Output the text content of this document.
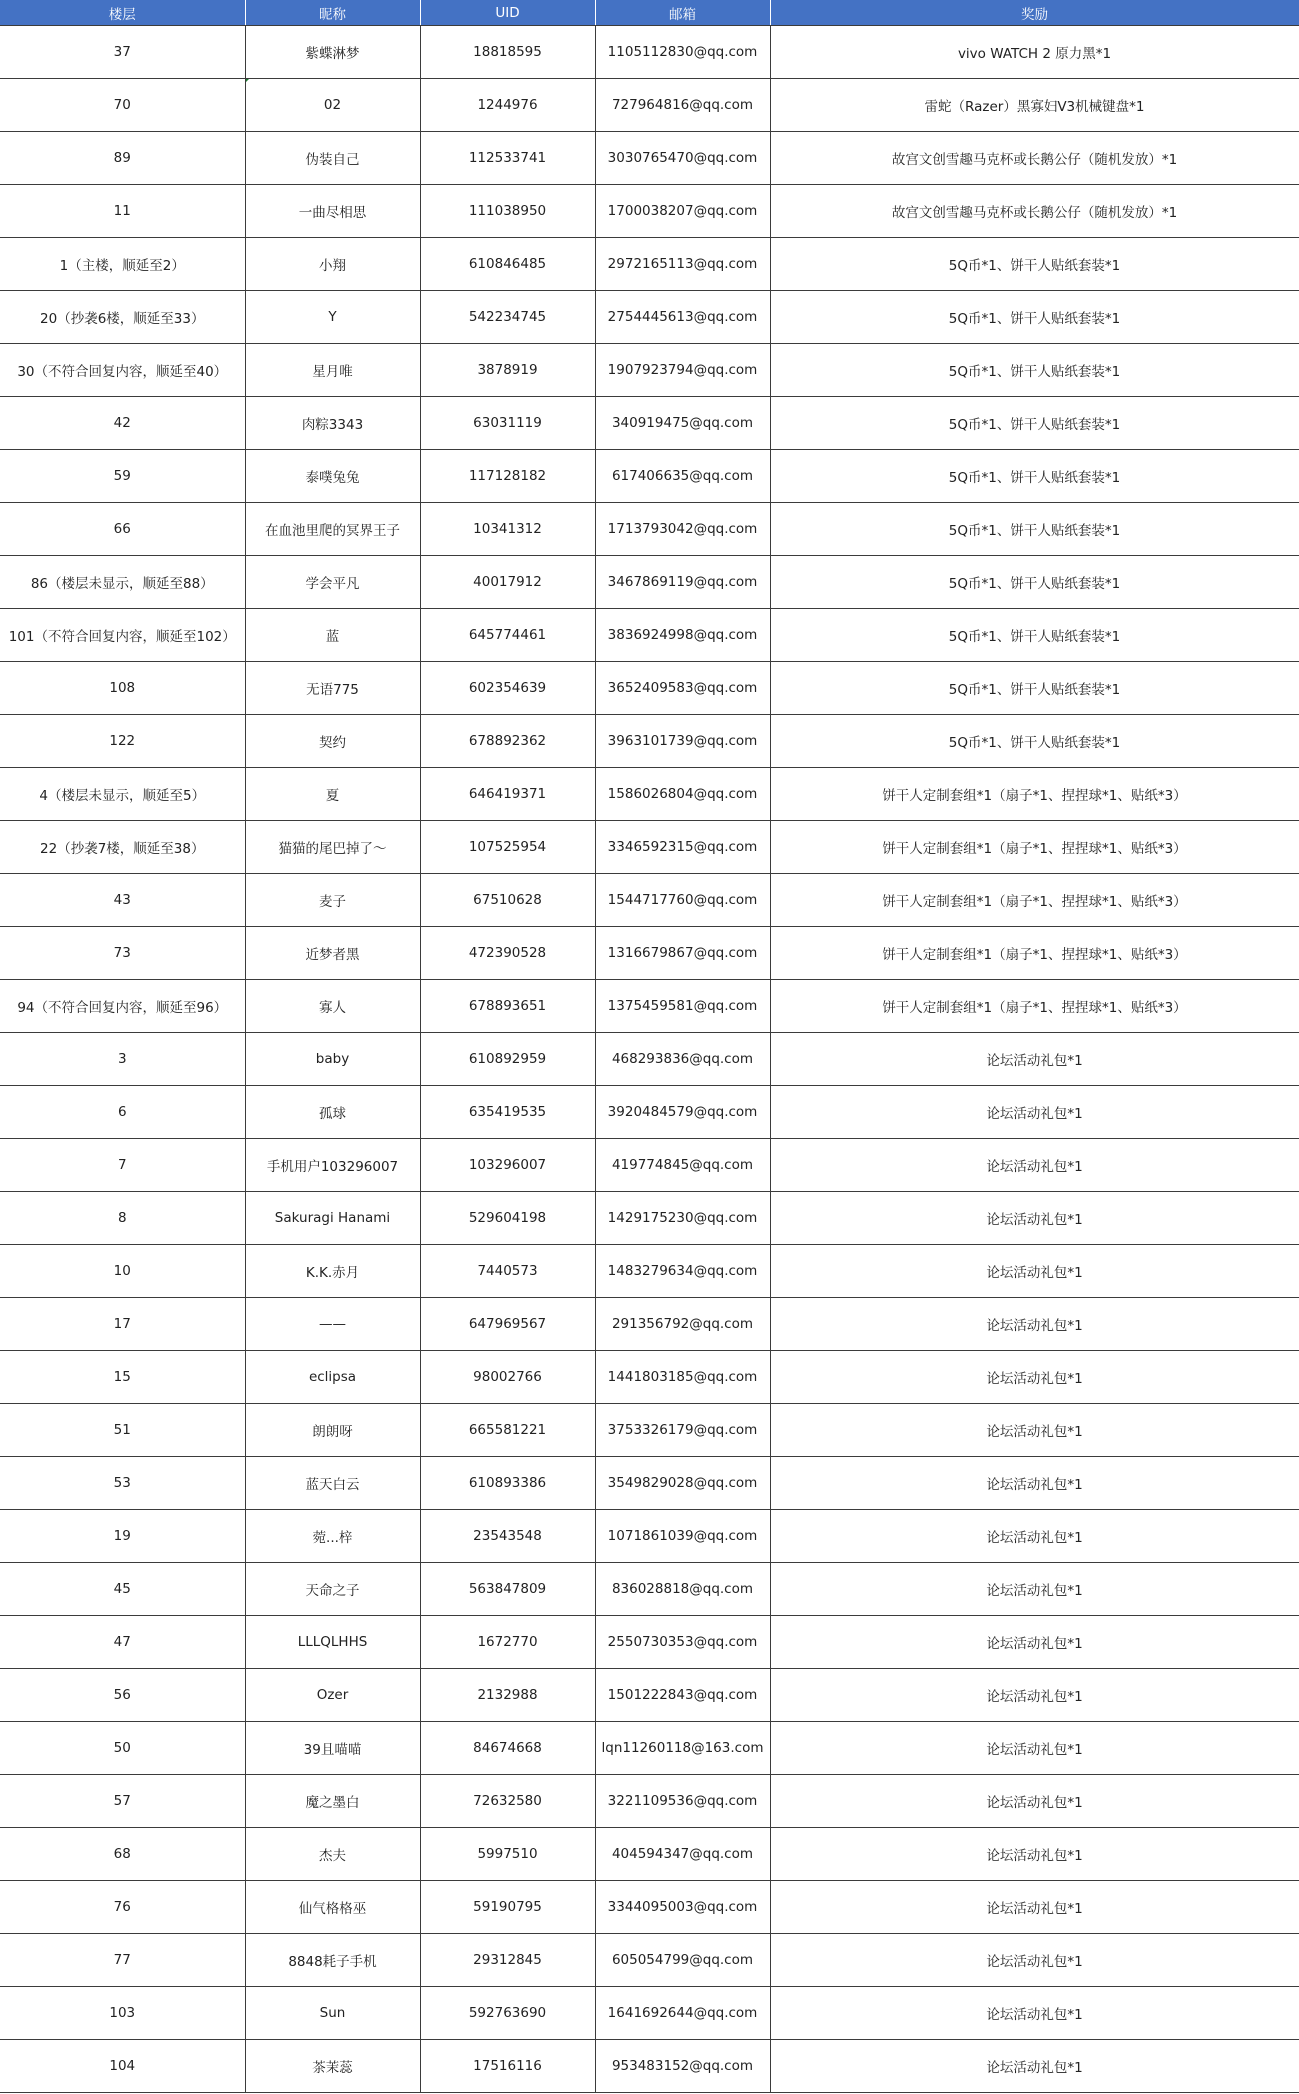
楼层	昵称	UID	邮箱	奖励
37	紫蝶淋梦	18818595	1105112830@qq.com	vivo WATCH 2 原力黑*1
70	02	1244976	727964816@qq.com	雷蛇（Razer）黑寡妇V3机械键盘*1
89	伪装自己	112533741	3030765470@qq.com	故宫文创雪趣马克杯或长鹅公仔（随机发放）*1
11	一曲尽相思	111038950	1700038207@qq.com	故宫文创雪趣马克杯或长鹅公仔（随机发放）*1
1（主楼，顺延至2）	小翔	610846485	2972165113@qq.com	5Q币*1、饼干人贴纸套装*1
20（抄袭6楼，顺延至33）	Y	542234745	2754445613@qq.com	5Q币*1、饼干人贴纸套装*1
30（不符合回复内容，顺延至40）	星月唯	3878919	1907923794@qq.com	5Q币*1、饼干人贴纸套装*1
42	肉粽3343	63031119	340919475@qq.com	5Q币*1、饼干人贴纸套装*1
59	泰噗兔兔	117128182	617406635@qq.com	5Q币*1、饼干人贴纸套装*1
66	在血池里爬的冥界王子	10341312	1713793042@qq.com	5Q币*1、饼干人贴纸套装*1
86（楼层未显示，顺延至88）	学会平凡	40017912	3467869119@qq.com	5Q币*1、饼干人贴纸套装*1
101（不符合回复内容，顺延至102）	蓝	645774461	3836924998@qq.com	5Q币*1、饼干人贴纸套装*1
108	无语775	602354639	3652409583@qq.com	5Q币*1、饼干人贴纸套装*1
122	契约	678892362	3963101739@qq.com	5Q币*1、饼干人贴纸套装*1
4（楼层未显示，顺延至5）	夏	646419371	1586026804@qq.com	饼干人定制套组*1（扇子*1、捏捏球*1、贴纸*3）
22（抄袭7楼，顺延至38）	猫猫的尾巴掉了～	107525954	3346592315@qq.com	饼干人定制套组*1（扇子*1、捏捏球*1、贴纸*3）
43	麦子	67510628	1544717760@qq.com	饼干人定制套组*1（扇子*1、捏捏球*1、贴纸*3）
73	近梦者黑	472390528	1316679867@qq.com	饼干人定制套组*1（扇子*1、捏捏球*1、贴纸*3）
94（不符合回复内容，顺延至96）	寡人	678893651	1375459581@qq.com	饼干人定制套组*1（扇子*1、捏捏球*1、贴纸*3）
3	baby	610892959	468293836@qq.com	论坛活动礼包*1
6	孤球	635419535	3920484579@qq.com	论坛活动礼包*1
7	手机用户103296007	103296007	419774845@qq.com	论坛活动礼包*1
8	Sakuragi Hanami	529604198	1429175230@qq.com	论坛活动礼包*1
10	K.K.赤月	7440573	1483279634@qq.com	论坛活动礼包*1
17	——	647969567	291356792@qq.com	论坛活动礼包*1
15	eclipsa	98002766	1441803185@qq.com	论坛活动礼包*1
51	朗朗呀	665581221	3753326179@qq.com	论坛活动礼包*1
53	蓝天白云	610893386	3549829028@qq.com	论坛活动礼包*1
19	菀...梓	23543548	1071861039@qq.com	论坛活动礼包*1
45	天命之子	563847809	836028818@qq.com	论坛活动礼包*1
47	LLLQLHHS	1672770	2550730353@qq.com	论坛活动礼包*1
56	Ozer	2132988	1501222843@qq.com	论坛活动礼包*1
50	39且喵喵	84674668	lqn11260118@163.com	论坛活动礼包*1
57	魔之墨白	72632580	3221109536@qq.com	论坛活动礼包*1
68	杰夫	5997510	404594347@qq.com	论坛活动礼包*1
76	仙气格格巫	59190795	3344095003@qq.com	论坛活动礼包*1
77	8848耗子手机	29312845	605054799@qq.com	论坛活动礼包*1
103	Sun	592763690	1641692644@qq.com	论坛活动礼包*1
104	茶茉蕊	17516116	953483152@qq.com	论坛活动礼包*1
